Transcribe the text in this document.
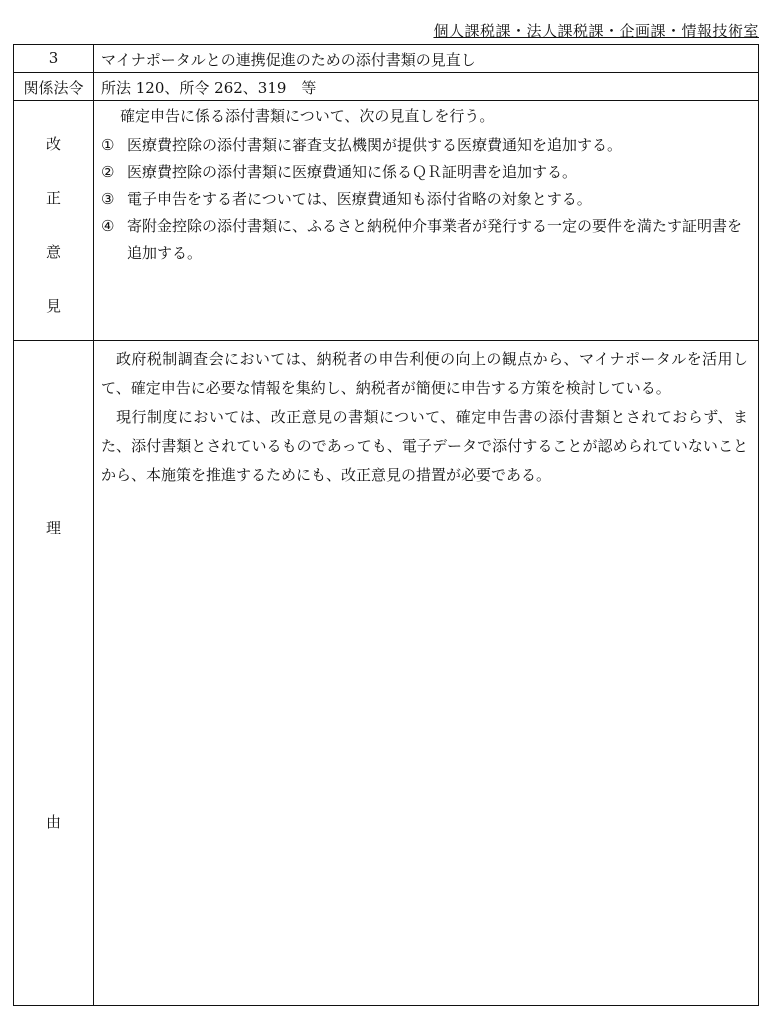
個人課税課・法人課税課・企画課・情報技術室
3	マイナポータルとの連携促進のための添付書類の見直し
関係法令	所法 120、所令 262、319　等
改
正
意
見
確定申告に係る添付書類について、次の見直しを行う。
① 医療費控除の添付書類に審査支払機関が提供する医療費通知を追加する。
② 医療費控除の添付書類に医療費通知に係るＱＲ証明書を追加する。
③ 電子申告をする者については、医療費通知も添付省略の対象とする。
④ 寄附金控除の添付書類に、ふるさと納税仲介事業者が発行する一定の要件を満たす証明書を追加する。
理
由

政府税制調査会においては、納税者の申告利便の向上の観点から、マイナポータルを活用して、確定申告に必要な情報を集約し、納税者が簡便に申告する方策を検討している。

現行制度においては、改正意見の書類について、確定申告書の添付書類とされておらず、また、添付書類とされているものであっても、電子データで添付することが認められていないことから、本施策を推進するためにも、改正意見の措置が必要である。
